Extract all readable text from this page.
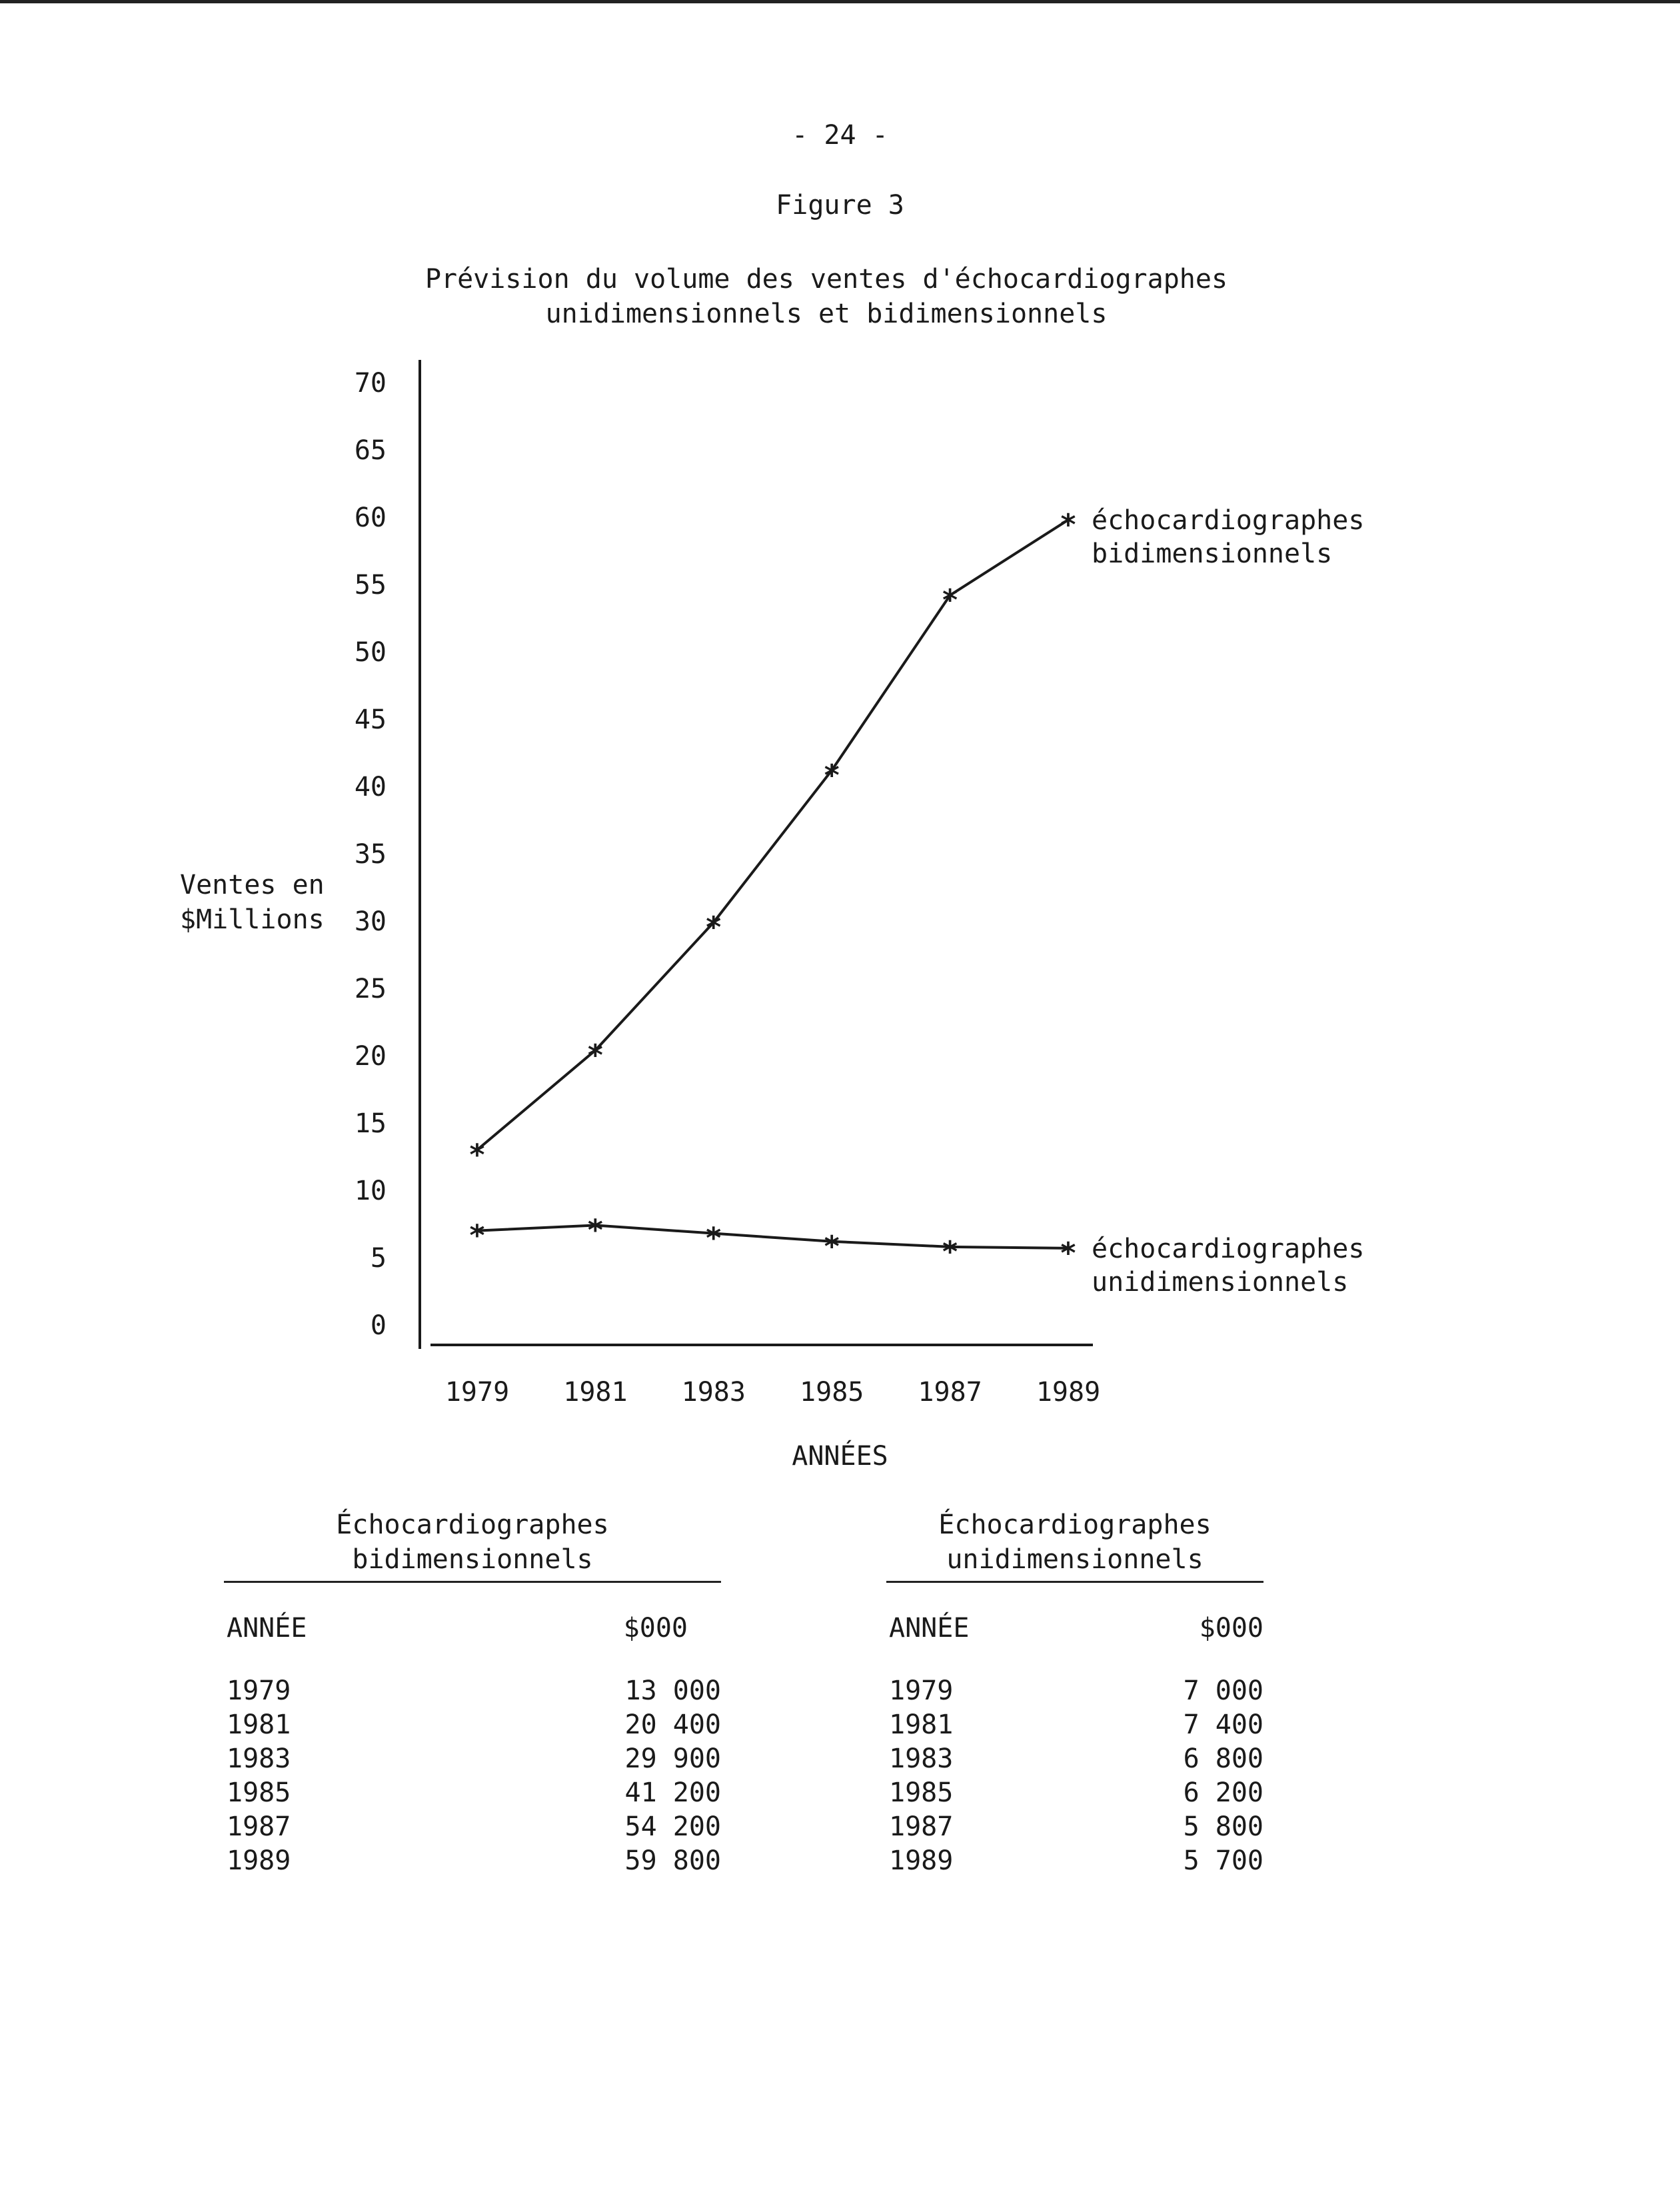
- 24 -
Figure 3
Prévision du volume des ventes d'échocardiographes
unidimensionnels et bidimensionnels
0
5
10
15
20
25
30
35
40
45
50
55
60
65
70
1979 1981 1983 1985 1987 1989
*
*
*
*
*
* échocardiographes
bidimensionnels
*	*	*	*	*	* échocardiographes
unidimensionnels
Ventes en
$Millions
ANNÉES
Échocardiographes
bidimensionnels
ANNÉE	$000
1979	13 000
1981	20 400
1983	29 900
1985	41 200
1987	54 200
1989	59 800
Échocardiographes
unidimensionnels
ANNÉE	$000
1979	7 000
1981	7 400
1983	6 800
1985	6 200
1987	5 800
1989	5 700
